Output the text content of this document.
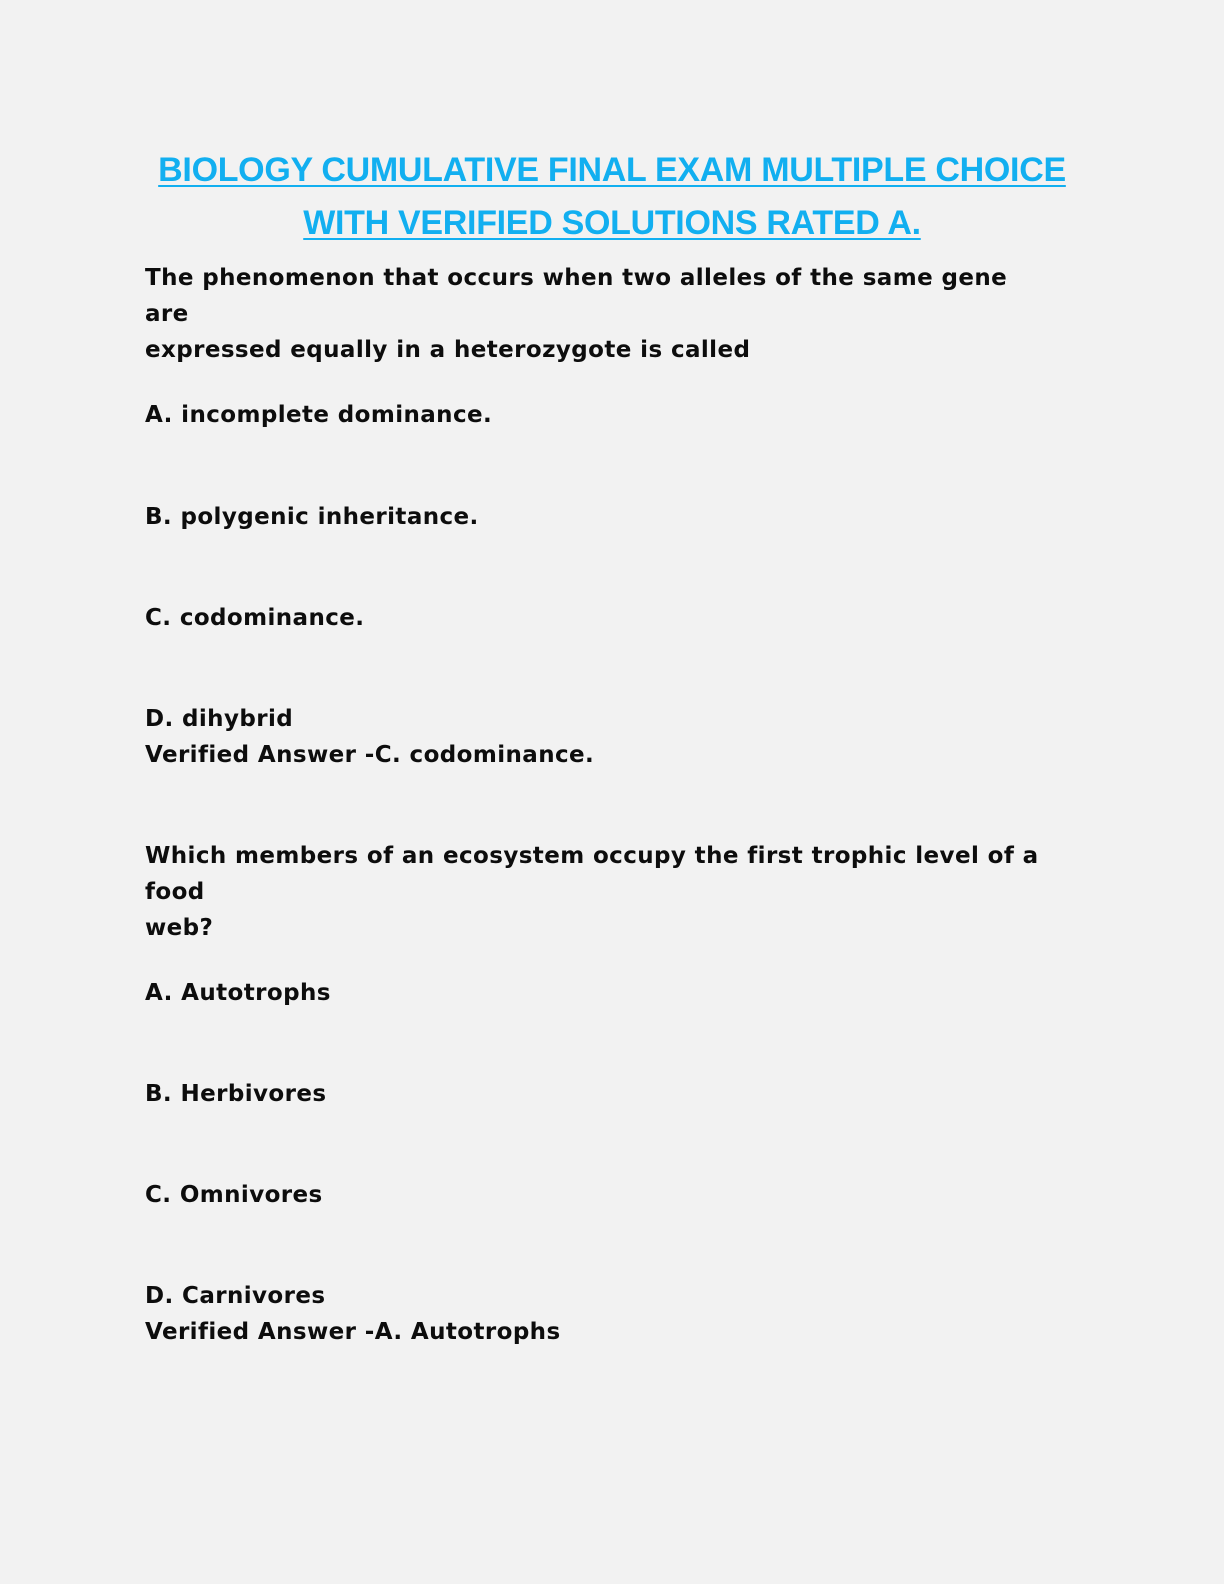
BIOLOGY CUMULATIVE FINAL EXAM MULTIPLE CHOICE
WITH VERIFIED SOLUTIONS RATED A.

The phenomenon that occurs when two alleles of the same gene are

expressed equally in a heterozygote is called

A. incomplete dominance.

B. polygenic inheritance.

C. codominance.

D. dihybrid

Verified Answer -C. codominance.

Which members of an ecosystem occupy the first trophic level of a food

web?

A. Autotrophs

B. Herbivores

C. Omnivores

D. Carnivores

Verified Answer -A. Autotrophs
